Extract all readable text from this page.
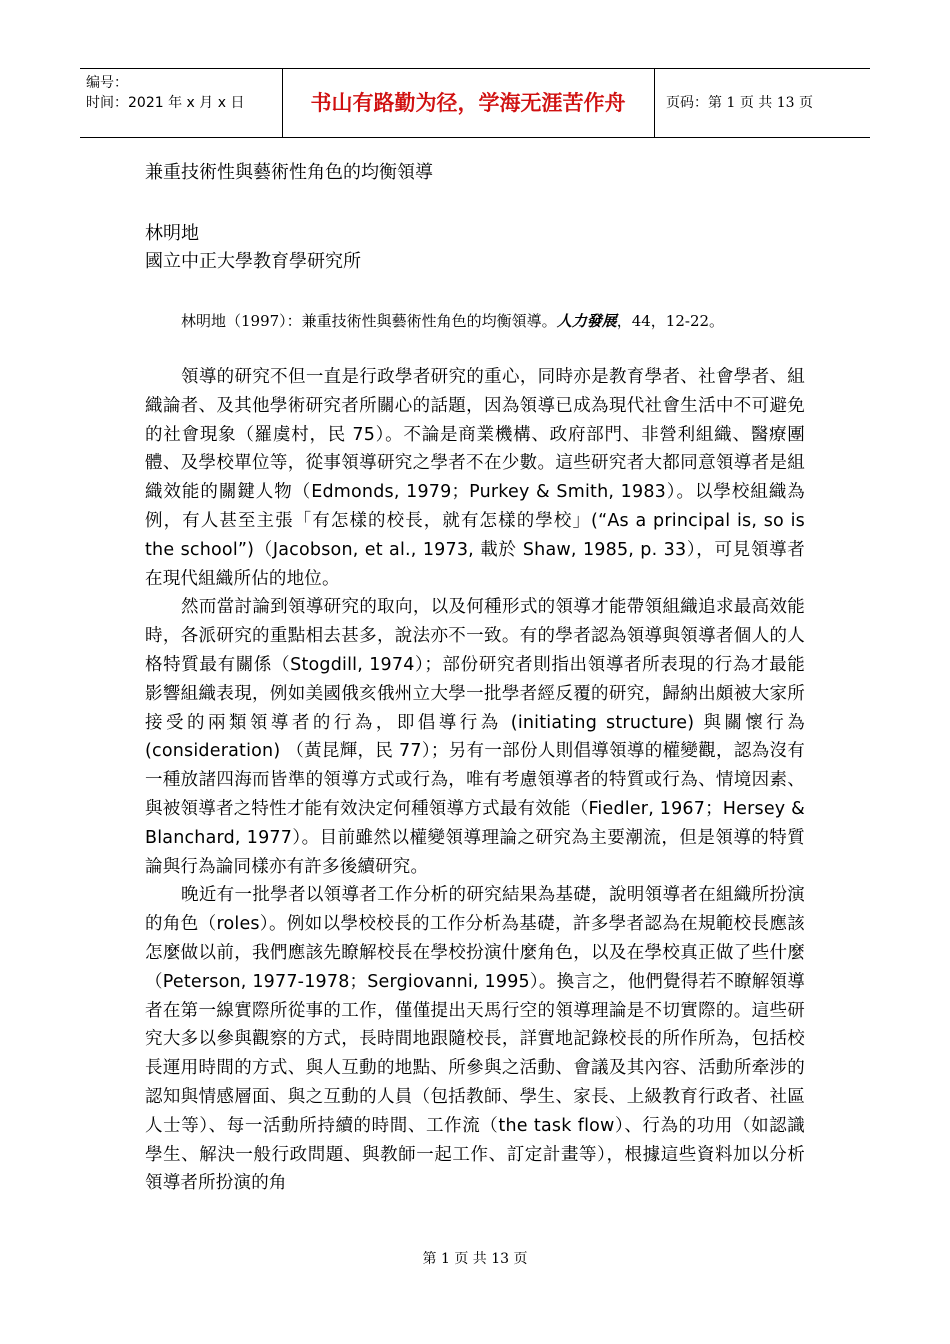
编号：
时间：2021 年 x 月 x 日	书山有路勤为径，学海无涯苦作舟	页码：第 1 页 共 13 页
兼重技術性與藝術性角色的均衡領導
林明地
國立中正大學教育學研究所
林明地（1997）：兼重技術性與藝術性角色的均衡領導。人力發展，44，12-22。

領導的研究不但一直是行政學者研究的重心，同時亦是教育學者、社會學者、組織論者、及其他學術研究者所關心的話題，因為領導已成為現代社會生活中不可避免的社會現象（羅虞村，民 75）。不論是商業機構、政府部門、非營利組織、醫療團體、及學校單位等，從事領導研究之學者不在少數。這些研究者大都同意領導者是組織效能的關鍵人物（Edmonds, 1979；Purkey & Smith, 1983）。以學校組織為例，有人甚至主張「有怎樣的校長，就有怎樣的學校」(“As a principal is, so is the school”)（Jacobson, et al., 1973, 載於 Shaw, 1985, p. 33），可見領導者在現代組織所佔的地位。

然而當討論到領導研究的取向，以及何種形式的領導才能帶領組織追求最高效能時，各派研究的重點相去甚多，說法亦不一致。有的學者認為領導與領導者個人的人格特質最有關係（Stogdill, 1974）；部份研究者則指出領導者所表現的行為才最能影響組織表現，例如美國俄亥俄州立大學一批學者經反覆的研究，歸納出頗被大家所接受的兩類領導者的行為，即倡導行為 (initiating structure) 與關懷行為 (consideration) （黃昆輝，民 77）；另有一部份人則倡導領導的權變觀，認為沒有一種放諸四海而皆準的領導方式或行為，唯有考慮領導者的特質或行為、情境因素、與被領導者之特性才能有效決定何種領導方式最有效能（Fiedler, 1967；Hersey & Blanchard, 1977）。目前雖然以權變領導理論之研究為主要潮流，但是領導的特質論與行為論同樣亦有許多後續研究。

晚近有一批學者以領導者工作分析的研究結果為基礎，說明領導者在組織所扮演的角色（roles）。例如以學校校長的工作分析為基礎，許多學者認為在規範校長應該怎麼做以前，我們應該先瞭解校長在學校扮演什麼角色，以及在學校真正做了些什麼（Peterson, 1977-1978；Sergiovanni, 1995）。換言之，他們覺得若不瞭解領導者在第一線實際所從事的工作，僅僅提出天馬行空的領導理論是不切實際的。這些研究大多以參與觀察的方式，長時間地跟隨校長，詳實地記錄校長的所作所為，包括校長運用時間的方式、與人互動的地點、所參與之活動、會議及其內容、活動所牽涉的認知與情感層面、與之互動的人員（包括教師、學生、家長、上級教育行政者、社區人士等）、每一活動所持續的時間、工作流（the task flow）、行為的功用（如認識學生、解決一般行政問題、與教師一起工作、訂定計畫等），根據這些資料加以分析領導者所扮演的角

第 1 页 共 13 页
